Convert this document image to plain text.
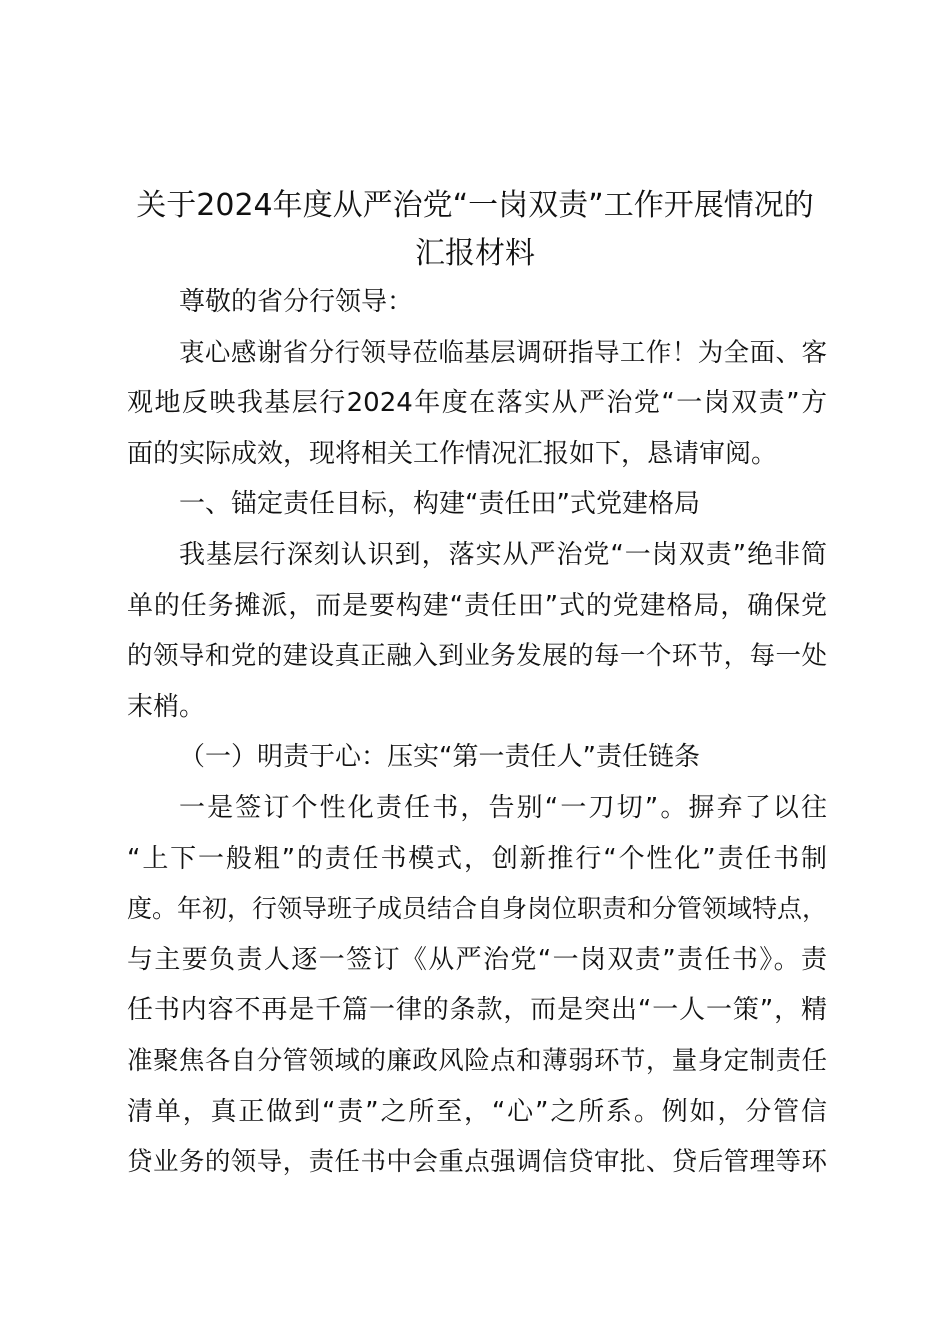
关于2024年度从严治党“一岗双责”工作开展情况的
汇报材料
尊敬的省分行领导：
衷心感谢省分行领导莅临基层调研指导工作！为全面、客
观地反映我基层行2024年度在落实从严治党“一岗双责”方
面的实际成效，现将相关工作情况汇报如下，恳请审阅。
一、锚定责任目标，构建“责任田”式党建格局
我基层行深刻认识到，落实从严治党“一岗双责”绝非简
单的任务摊派，而是要构建“责任田”式的党建格局，确保党
的领导和党的建设真正融入到业务发展的每一个环节，每一处
末梢。
（一）明责于心：压实“第一责任人”责任链条
一是签订个性化责任书，告别“一刀切”。摒弃了以往
“上下一般粗”的责任书模式，创新推行“个性化”责任书制
度。年初，行领导班子成员结合自身岗位职责和分管领域特点，
与主要负责人逐一签订《从严治党“一岗双责”责任书》。责
任书内容不再是千篇一律的条款，而是突出“一人一策”，精
准聚焦各自分管领域的廉政风险点和薄弱环节，量身定制责任
清单，真正做到“责”之所至，“心”之所系。例如，分管信
贷业务的领导，责任书中会重点强调信贷审批、贷后管理等环
